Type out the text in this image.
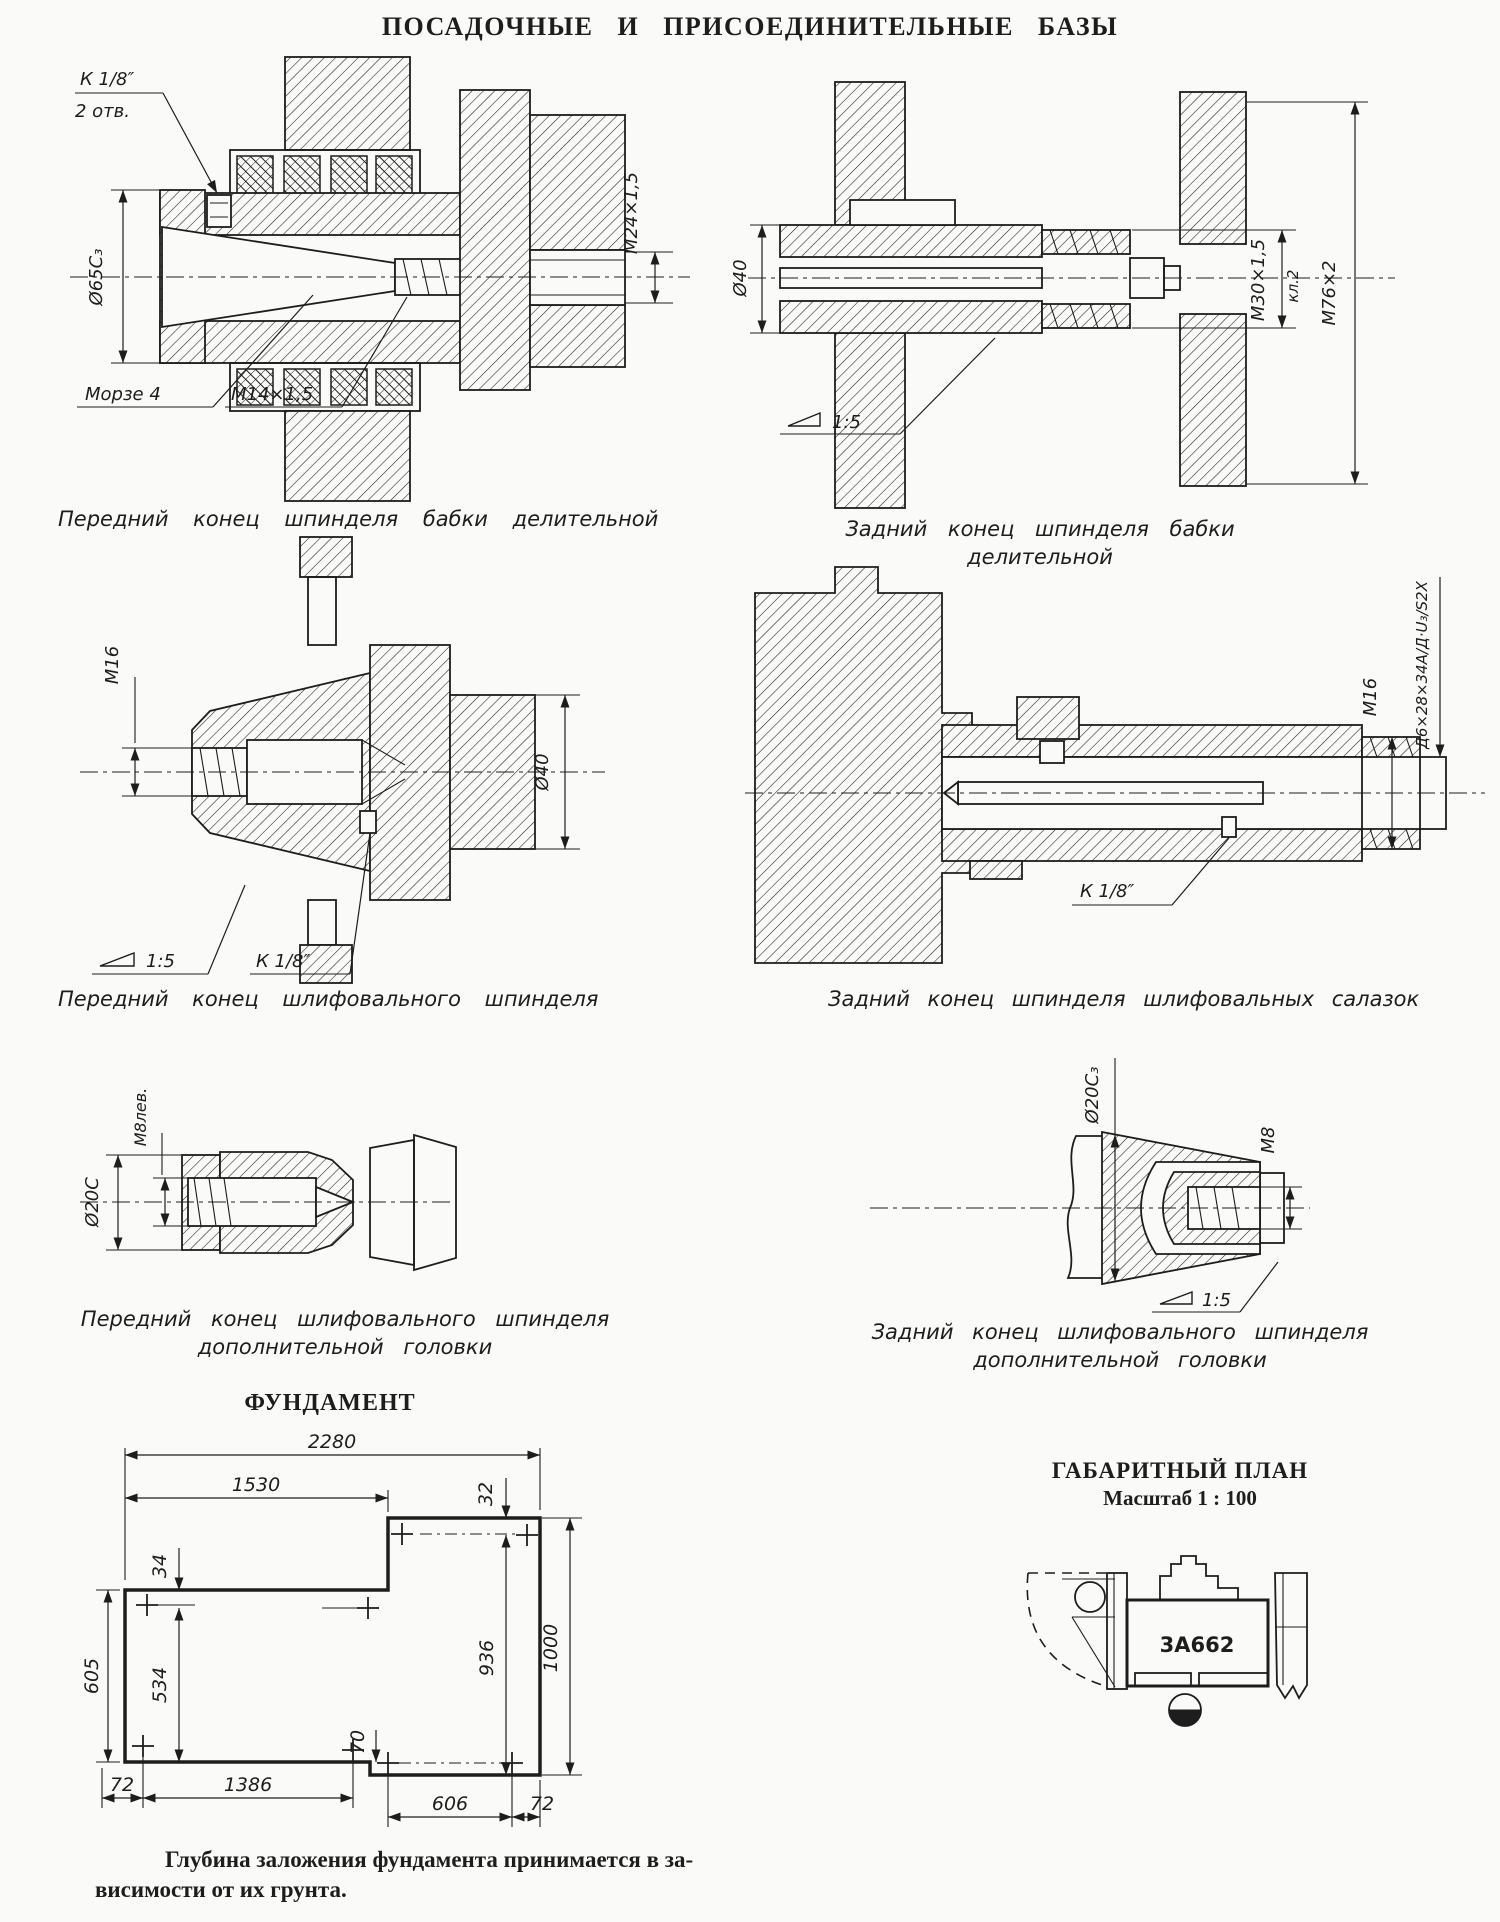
ПОСАДОЧНЫЕ И ПРИСОЕДИНИТЕЛЬНЫЕ БАЗЫ
Ø65С₃
М24×1,5
К 1/8″
2 отв.
Морзе 4	М14×1,5
Передний конец шпинделя бабки делительной
Ø40	М30×1,5 кл.2 М76×2
1:5
Задний конец шпинделя бабки
делительной
М16
Ø40
1:5	К 1/8″
Передний конец шлифовального шпинделя
Д6×28×34А/Д·U₃/S2Х
М16
К 1/8″
Задний конец шпинделя шлифовальных салазок
М8лев.
Ø20С
Передний конец шлифовального шпинделя
дополнительной головки
Ø20С₃
М8
1:5
Задний конец шлифовального шпинделя
дополнительной головки
ФУНДАМЕНТ
2280
1530	32
34
605 534
936 1000
70
72	1386
606	72
ГАБАРИТНЫЙ ПЛАН
Масштаб 1 : 100
3А662
Глубина заложения фундамента принимается в за-
висимости от их грунта.
